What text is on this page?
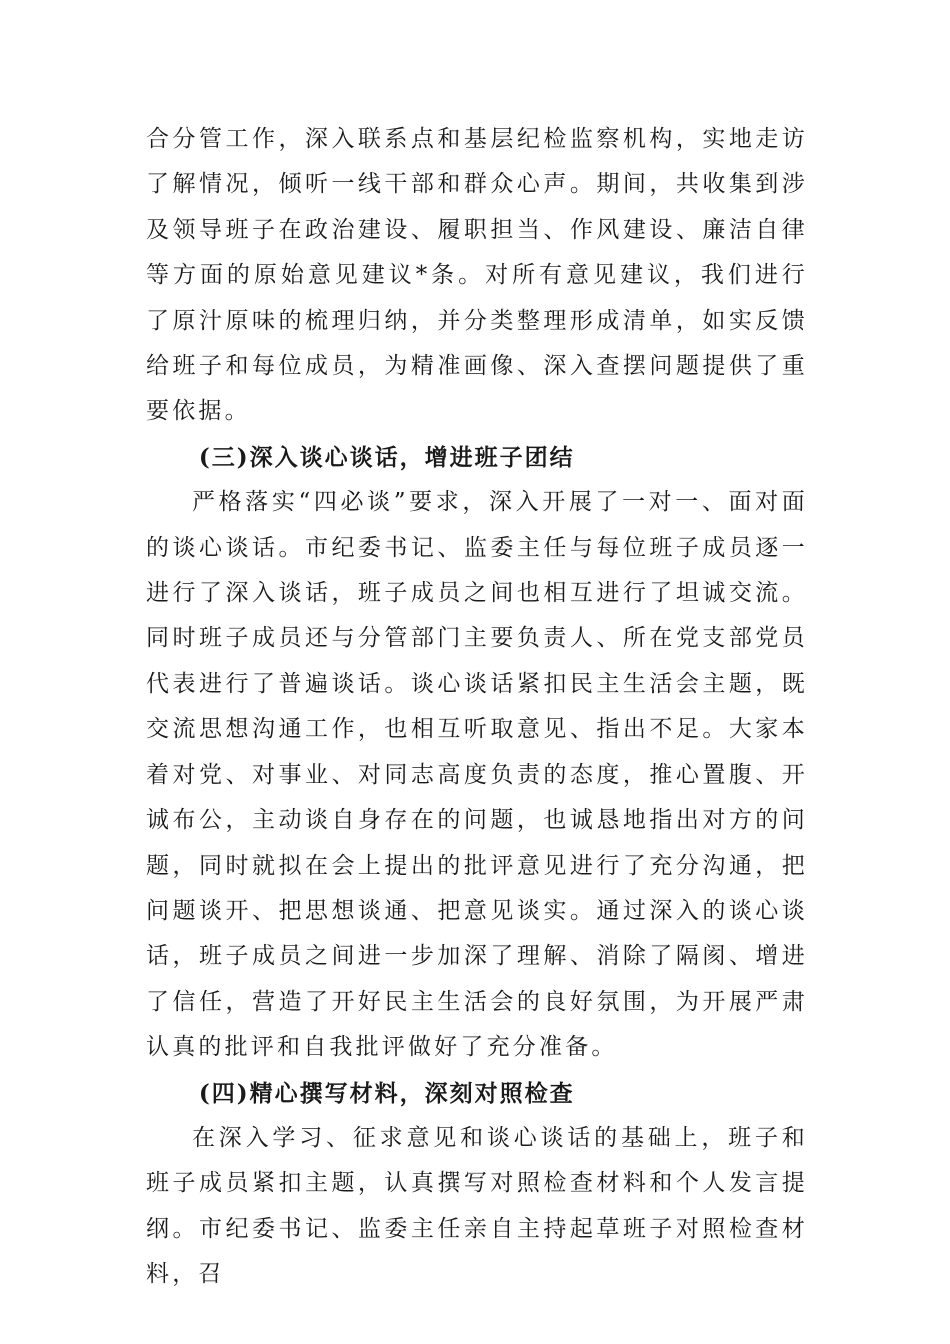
合分管工作，深入联系点和基层纪检监察机构，实地走访了解情况，倾听一线干部和群众心声。期间，共收集到涉及领导班子在政治建设、履职担当、作风建设、廉洁自律等方面的原始意见建议*条。对所有意见建议，我们进行了原汁原味的梳理归纳，并分类整理形成清单，如实反馈给班子和每位成员，为精准画像、深入查摆问题提供了重要依据。

(三)深入谈心谈话，增进班子团结

严格落实“四必谈”要求，深入开展了一对一、面对面的谈心谈话。市纪委书记、监委主任与每位班子成员逐一进行了深入谈话，班子成员之间也相互进行了坦诚交流。同时班子成员还与分管部门主要负责人、所在党支部党员代表进行了普遍谈话。谈心谈话紧扣民主生活会主题，既交流思想沟通工作，也相互听取意见、指出不足。大家本着对党、对事业、对同志高度负责的态度，推心置腹、开诚布公，主动谈自身存在的问题，也诚恳地指出对方的问题，同时就拟在会上提出的批评意见进行了充分沟通，把问题谈开、把思想谈通、把意见谈实。通过深入的谈心谈话，班子成员之间进一步加深了理解、消除了隔阂、增进了信任，营造了开好民主生活会的良好氛围，为开展严肃认真的批评和自我批评做好了充分准备。

(四)精心撰写材料，深刻对照检查

在深入学习、征求意见和谈心谈话的基础上，班子和班子成员紧扣主题，认真撰写对照检查材料和个人发言提纲。市纪委书记、监委主任亲自主持起草班子对照检查材料，召
